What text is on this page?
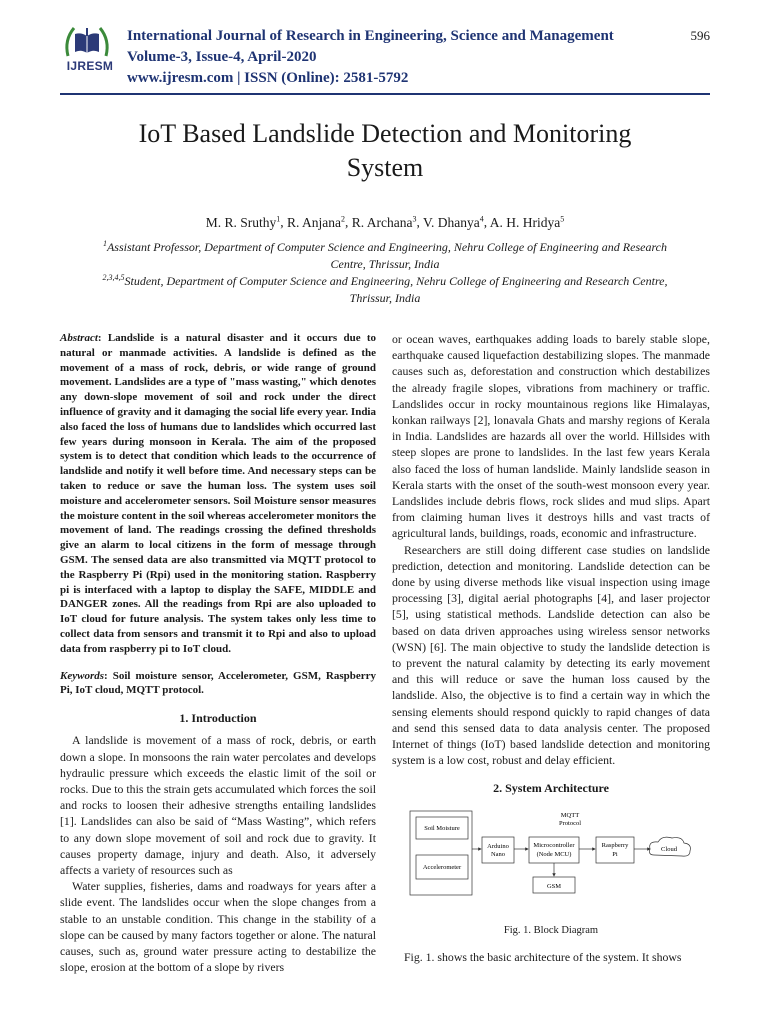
IJRESM
International Journal of Research in Engineering, Science and Management
Volume-3, Issue-4, April-2020
www.ijresm.com | ISSN (Online): 2581-5792
596
IoT Based Landslide Detection and Monitoring
System
M. R. Sruthy$^1$, R. Anjana$^2$, R. Archana$^3$, V. Dhanya$^4$, A. H. Hridya$^5$
$^1$Assistant Professor, Department of Computer Science and Engineering, Nehru College of Engineering and Research Centre, Thrissur, India
$^{2,3,4,5}$Student, Department of Computer Science and Engineering, Nehru College of Engineering and Research Centre, Thrissur, India
Abstract: Landslide is a natural disaster and it occurs due to natural or manmade activities. A landslide is defined as the movement of a mass of rock, debris, or wide range of ground movement. Landslides are a type of "mass wasting," which denotes any down-slope movement of soil and rock under the direct influence of gravity and it damaging the social life every year. India also faced the loss of humans due to landslides which occurred last few years during monsoon in Kerala. The aim of the proposed system is to detect that condition which leads to the occurrence of landslide and notify it well before time. And necessary steps can be taken to reduce or save the human loss. The system uses soil moisture and accelerometer sensors. Soil Moisture sensor measures the moisture content in the soil whereas accelerometer monitors the movement of land. The readings crossing the defined thresholds give an alarm to local citizens in the form of message through GSM. The sensed data are also transmitted via MQTT protocol to the Raspberry Pi (Rpi) used in the monitoring station. Raspberry pi is interfaced with a laptop to display the SAFE, MIDDLE and DANGER zones. All the readings from Rpi are also uploaded to IoT cloud for future analysis. The system takes only less time to collect data from sensors and transmit it to Rpi and also to upload data from raspberry pi to IoT cloud.
Keywords: Soil moisture sensor, Accelerometer, GSM, Raspberry Pi, IoT cloud, MQTT protocol.
1. Introduction

A landslide is movement of a mass of rock, debris, or earth down a slope. In monsoons the rain water percolates and develops hydraulic pressure which exceeds the elastic limit of the soil or rocks. Due to this the strain gets accumulated which forces the soil and rocks to loosen their adhesive strengths entailing landslides [1]. Landslides can also be said of “Mass Wasting”, which refers to any down slope movement of soil and rock due to gravity. It causes property damage, injury and death. Also, it adversely affects a variety of resources such as

Water supplies, fisheries, dams and roadways for years after a slide event. The landslides occur when the slope changes from a stable to an unstable condition. This change in the stability of a slope can be caused by many factors together or alone. The natural causes, such as, ground water pressure acting to destabilize the slope, erosion at the bottom of a slope by rivers

or ocean waves, earthquakes adding loads to barely stable slope, earthquake caused liquefaction destabilizing slopes. The manmade causes such as, deforestation and construction which destabilizes the already fragile slopes, vibrations from machinery or traffic. Landslides occur in rocky mountainous regions like Himalayas, konkan railways [2], lonavala Ghats and marshy regions of Kerala in India. Landslides are hazards all over the world. Hillsides with steep slopes are prone to landslides. In the last few years Kerala also faced the loss of human landslide. Mainly landslide season in Kerala starts with the onset of the south-west monsoon every year. Landslides include debris flows, rock slides and mud slips. Apart from claiming human lives it destroys hills and vast tracts of agricultural lands, buildings, roads, economic and infrastructure.

Researchers are still doing different case studies on landslide prediction, detection and monitoring. Landslide detection can be done by using diverse methods like visual inspection using image processing [3], digital aerial photographs [4], and laser projector [5], using statistical methods. Landslide detection can also be based on data driven approaches using wireless sensor networks (WSN) [6]. The main objective to study the landslide detection is to prevent the natural calamity by detecting its early movement and this will reduce or save the human loss caused by the landslide. Also, the objective is to find a certain way in which the sensing elements should respond quickly to rapid changes of data and send this sensed data to data analysis center. The proposed Internet of things (IoT) based landslide detection and monitoring system is a low cost, robust and delay efficient.

2. System Architecture
Soil Moisture
Accelerometer
Arduino
Nano
Microcontroller
(Node MCU)
MQTT
Protocol
Raspberry
Pi
Cloud
GSM
Fig. 1. Block Diagram

Fig. 1. shows the basic architecture of the system. It shows
